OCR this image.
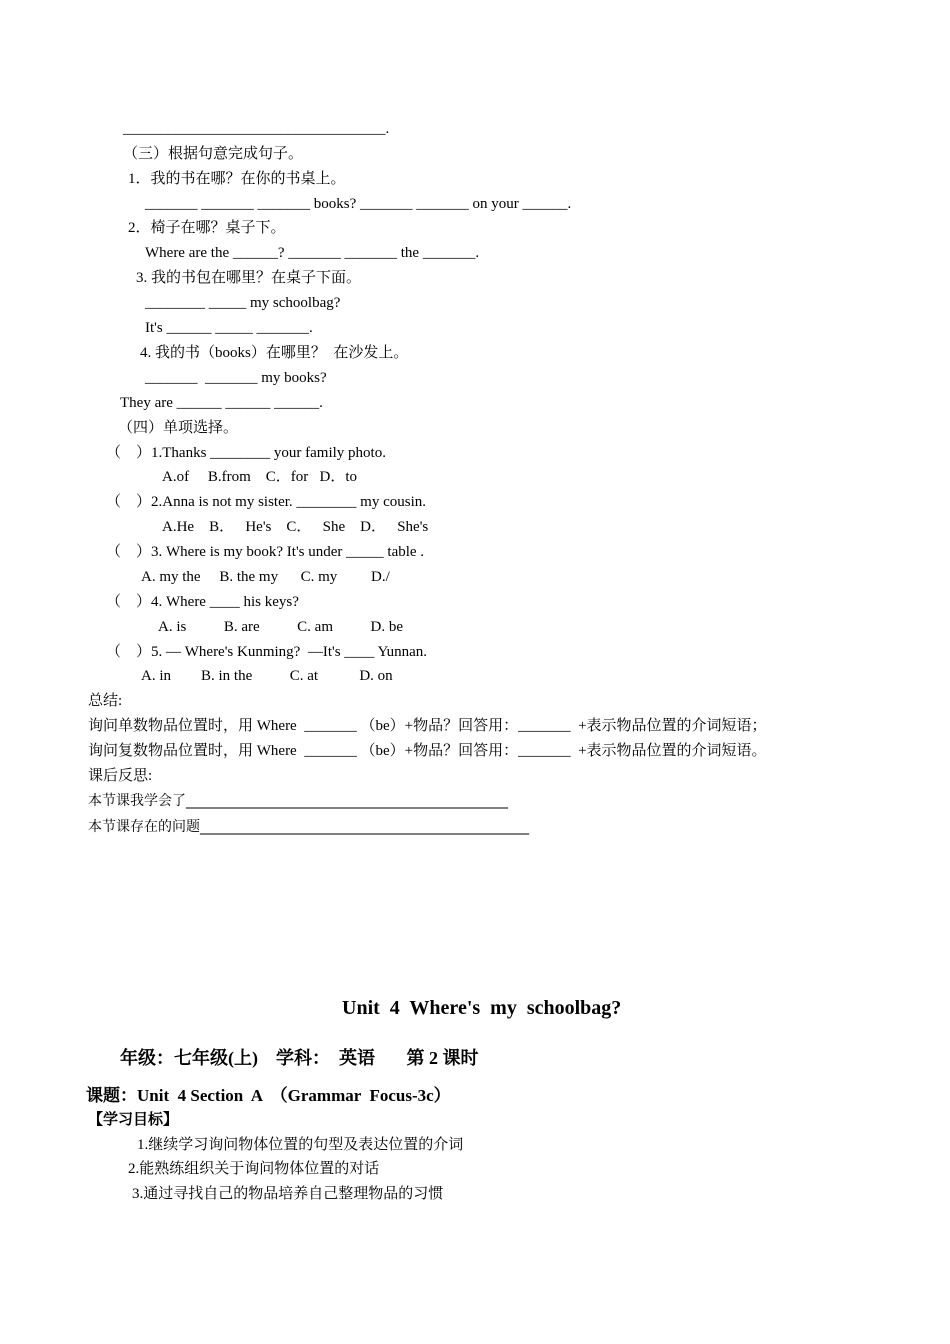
___________________________________.

（三）根据句意完成句子。

1．我的书在哪？在你的书桌上。

_______ _______ _______ books? _______ _______ on your ______.

2．椅子在哪？桌子下。

Where are the ______? _______ _______ the _______.

3. 我的书包在哪里？在桌子下面。

________ _____ my schoolbag?

It's ______ _____ _______.

4. 我的书（books）在哪里？  在沙发上。

_______  _______ my books?

They are ______ ______ ______.

（四）单项选择。

（    ）1.Thanks ________ your family photo.

A.of     B.from    C．for   D．to

（    ）2.Anna is not my sister. ________ my cousin.

A.He    B．   He's    C．   She    D．   She's

（    ）3. Where is my book? It's under _____ table .

A. my the     B. the my      C. my         D./

（    ）4. Where ____ his keys?

A. is          B. are          C. am          D. be

（    ）5. — Where's Kunming?  —It's ____ Yunnan.

A. in        B. in the          C. at           D. on

总结:

询问单数物品位置时，用 Where  _______ （be）+物品？回答用：_______  +表示物品位置的介词短语；

询问复数物品位置时，用 Where  _______ （be）+物品？回答用：_______  +表示物品位置的介词短语。

课后反思:

本节课我学会了______________________________________________

本节课存在的问题_______________________________________________

Unit  4  Where's  my  schoolbag?

年级：七年级(上)    学科：  英语       第 2 课时

课题：Unit  4 Section  A  （Grammar  Focus-3c）

【学习目标】

1.继续学习询问物体位置的句型及表达位置的介词

2.能熟练组织关于询问物体位置的对话

3.通过寻找自己的物品培养自己整理物品的习惯
